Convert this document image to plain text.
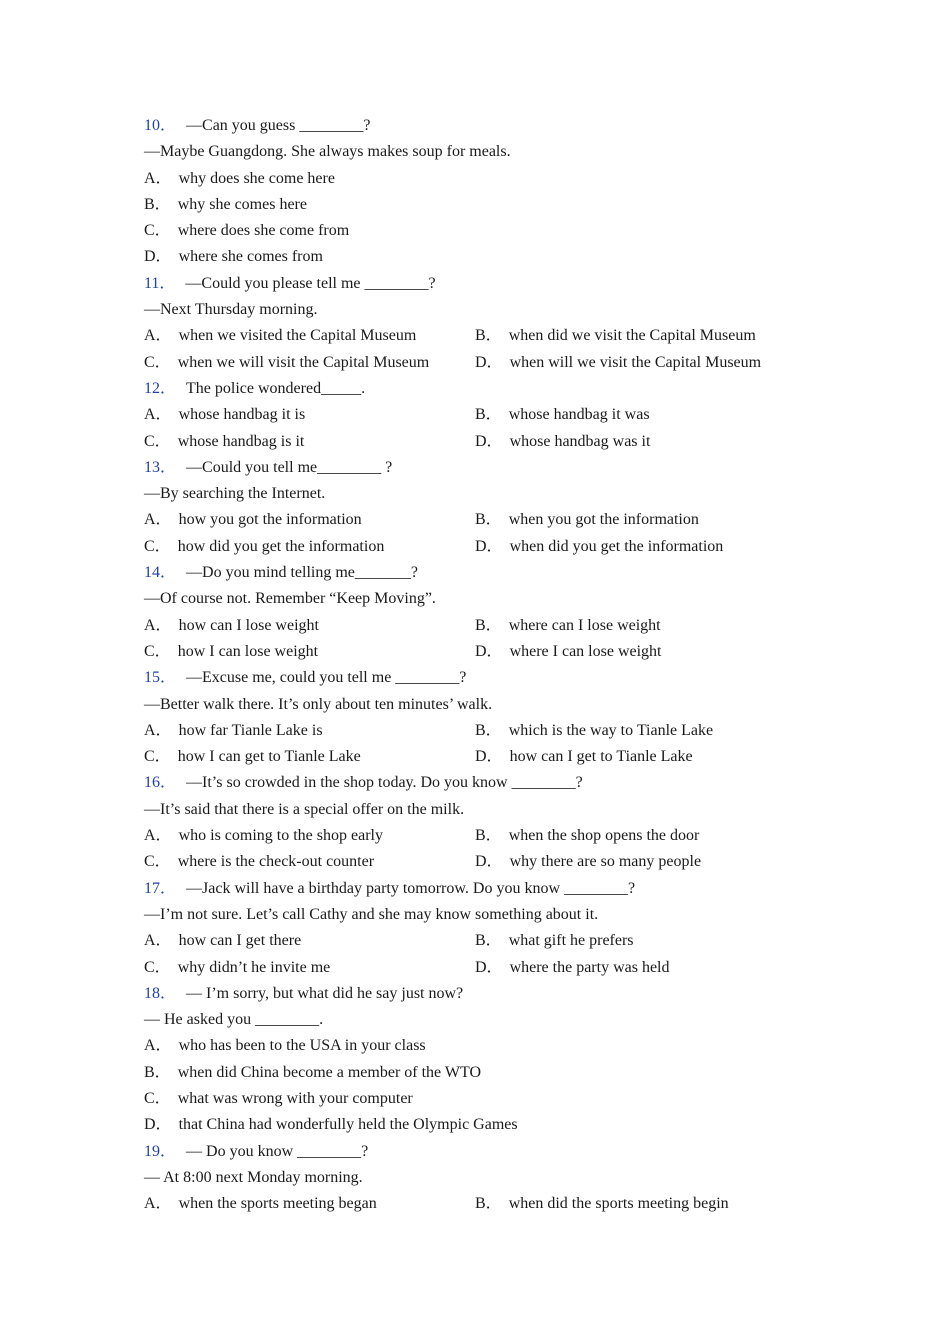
10． —Can you guess ________?
—Maybe Guangdong. She always makes soup for meals.
A． why does she come here
B． why she comes here
C． where does she come from
D． where she comes from
11． —Could you please tell me ________?
—Next Thursday morning.
A． when we visited the Capital Museum	B． when did we visit the Capital Museum
C． when we will visit the Capital Museum	D． when will we visit the Capital Museum
12． The police wondered_____.
A． whose handbag it is	B． whose handbag it was
C． whose handbag is it	D． whose handbag was it
13． —Could you tell me________ ?
—By searching the Internet.
A． how you got the information	B． when you got the information
C． how did you get the information	D． when did you get the information
14． —Do you mind telling me_______?
—Of course not. Remember “Keep Moving”.
A． how can I lose weight	B． where can I lose weight
C． how I can lose weight	D． where I can lose weight
15． —Excuse me, could you tell me ________?
—Better walk there. It’s only about ten minutes’ walk.
A． how far Tianle Lake is	B． which is the way to Tianle Lake
C． how I can get to Tianle Lake	D． how can I get to Tianle Lake
16． —It’s so crowded in the shop today. Do you know ________?
—It’s said that there is a special offer on the milk.
A． who is coming to the shop early	B． when the shop opens the door
C． where is the check-out counter	D． why there are so many people
17． —Jack will have a birthday party tomorrow. Do you know ________?
—I’m not sure. Let’s call Cathy and she may know something about it.
A． how can I get there	B． what gift he prefers
C． why didn’t he invite me	D． where the party was held
18． — I’m sorry, but what did he say just now?
— He asked you ________.
A． who has been to the USA in your class
B． when did China become a member of the WTO
C． what was wrong with your computer
D． that China had wonderfully held the Olympic Games
19． — Do you know ________?
— At 8:00 next Monday morning.
A． when the sports meeting began	B． when did the sports meeting begin
